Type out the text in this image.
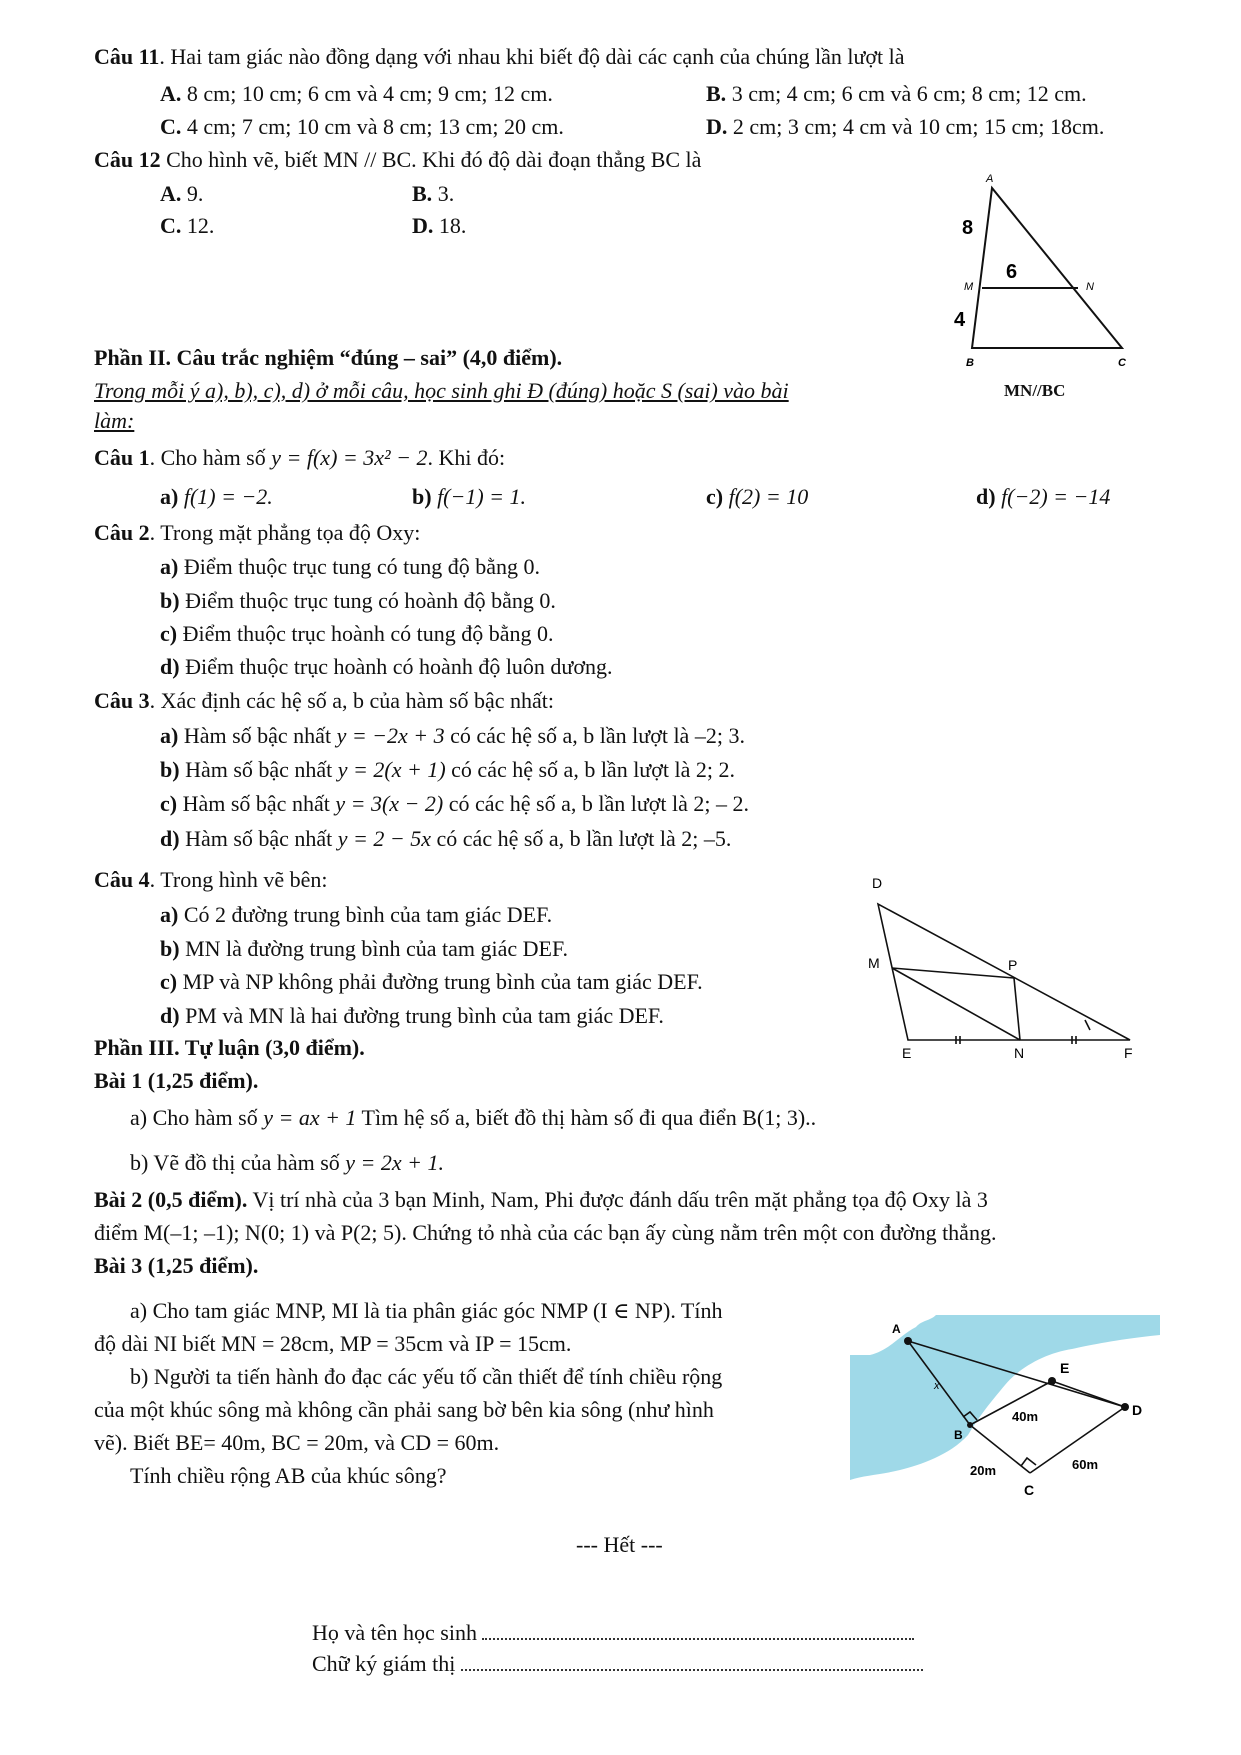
Câu 11. Hai tam giác nào đồng dạng với nhau khi biết độ dài các cạnh của chúng lần lượt là
A. 8 cm; 10 cm; 6 cm và 4 cm; 9 cm; 12 cm.	B. 3 cm; 4 cm; 6 cm và 6 cm; 8 cm; 12 cm.
C. 4 cm; 7 cm; 10 cm và 8 cm; 13 cm; 20 cm.	D. 2 cm; 3 cm; 4 cm và 10 cm; 15 cm; 18cm.
Câu 12 Cho hình vẽ, biết MN // BC. Khi đó độ dài đoạn thẳng BC là
A. 9.	B. 3.
C. 12.	D. 18.
A
B	C
M	N
8
6
4
MN//BC
Phần II. Câu trắc nghiệm “đúng – sai” (4,0 điểm).
Trong mỗi ý a), b), c), d) ở mỗi câu, học sinh ghi Đ (đúng) hoặc S (sai) vào bài
làm:
Câu 1. Cho hàm số y = f(x) = 3x² − 2. Khi đó:
a) f(1) = −2.	b) f(−1) = 1.	c) f(2) = 10	d) f(−2) = −14
Câu 2. Trong mặt phẳng tọa độ Oxy:
a) Điểm thuộc trục tung có tung độ bằng 0.
b) Điểm thuộc trục tung có hoành độ bằng 0.
c) Điểm thuộc trục hoành có tung độ bằng 0.
d) Điểm thuộc trục hoành có hoành độ luôn dương.
Câu 3. Xác định các hệ số a, b của hàm số bậc nhất:
a) Hàm số bậc nhất y = −2x + 3 có các hệ số a, b lần lượt là –2; 3.
b) Hàm số bậc nhất y = 2(x + 1) có các hệ số a, b lần lượt là 2; 2.
c) Hàm số bậc nhất y = 3(x − 2) có các hệ số a, b lần lượt là 2; – 2.
d) Hàm số bậc nhất y = 2 − 5x có các hệ số a, b lần lượt là 2; –5.
Câu 4. Trong hình vẽ bên:
a) Có 2 đường trung bình của tam giác DEF.
b) MN là đường trung bình của tam giác DEF.
c) MP và NP không phải đường trung bình của tam giác DEF.
d) PM và MN là hai đường trung bình của tam giác DEF.
D
E	F
M
N
P
Phần III. Tự luận (3,0 điểm).
Bài 1 (1,25 điểm).
a) Cho hàm số y = ax + 1 Tìm hệ số a, biết đồ thị hàm số đi qua điển B(1; 3)..
b) Vẽ đồ thị của hàm số y = 2x + 1.
Bài 2 (0,5 điểm). Vị trí nhà của 3 bạn Minh, Nam, Phi được đánh dấu trên mặt phẳng tọa độ Oxy là 3
điểm M(–1; –1); N(0; 1) và P(2; 5). Chứng tỏ nhà của các bạn ấy cùng nằm trên một con đường thẳng.
Bài 3 (1,25 điểm).
a) Cho tam giác MNP, MI là tia phân giác góc NMP (I ∈ NP). Tính
độ dài NI biết MN = 28cm, MP = 35cm và IP = 15cm.
b) Người ta tiến hành đo đạc các yếu tố cần thiết để tính chiều rộng
của một khúc sông mà không cần phải sang bờ bên kia sông (như hình
vẽ). Biết BE= 40m, BC = 20m, và CD = 60m.
Tính chiều rộng AB của khúc sông?
A
B
C
D
E
x
40m
20m	60m
--- Hết ---
Họ và tên học sinh
Chữ ký giám thị
